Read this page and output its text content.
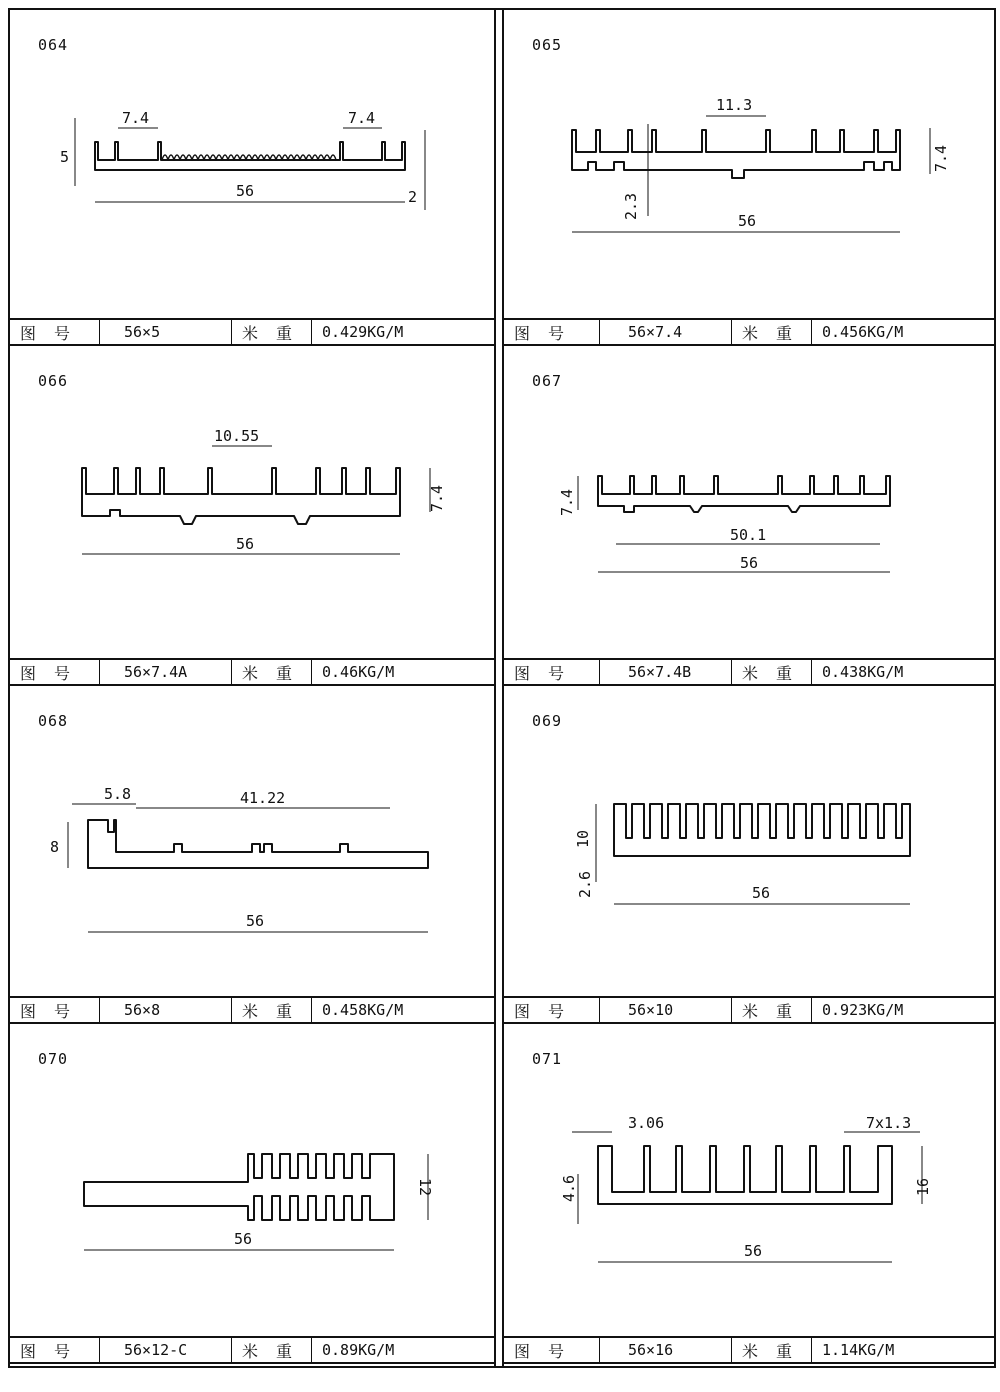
064
7.4	7.4
5
56	2
图号	56×5	米重 0.429KG/M
065
11.3
7.4
2.3
56
图号	56×7.4	米重 0.456KG/M
066
10.55
7.4
56
图号	56×7.4A	米重 0.46KG/M
067
7.4
50.1
56
图号	56×7.4B	米重 0.438KG/M
068
5.8	41.22
8
56
图号	56×8	米重 0.458KG/M
069
10
2.6	56
图号	56×10	米重 0.923KG/M
070
12
56
图号	56×12-C	米重 0.89KG/M
071
3.06	7x1.3
4.6	16
56
图号	56×16	米重 1.14KG/M
